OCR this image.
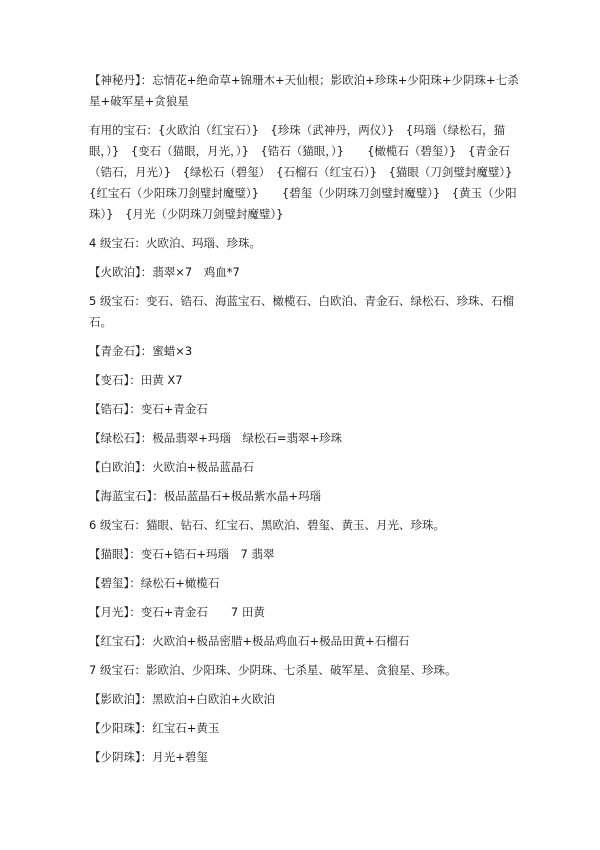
【神秘丹】：忘情花+绝命草+锦珊木+天仙根；影欧泊+珍珠+少阳珠+少阴珠+七杀星+破军星+贪狼星

有用的宝石：{火欧泊（红宝石）}　{珍珠（武神丹，两仪）}　{玛瑙（绿松石，猫眼，）}　{变石（猫眼，月光，）}　{锆石（猫眼，）}　　{橄榄石（碧玺）}　{青金石（锆石，月光）}　{绿松石（碧玺）　{石榴石（红宝石）}　{猫眼（刀剑璧封魔璧）}　{红宝石（少阳珠刀剑璧封魔璧）}　　{碧玺（少阴珠刀剑璧封魔璧）}　{黄玉（少阳珠）}　{月光（少阴珠刀剑璧封魔璧）}

4 级宝石：火欧泊、玛瑙、珍珠。

【火欧泊】：翡翠×7　鸡血*7

5 级宝石：变石、锆石、海蓝宝石、橄榄石、白欧泊、青金石、绿松石、珍珠、石榴石。

【青金石】：蜜蜡×3

【变石】：田黄 X7

【锆石】：变石+青金石

【绿松石】：极品翡翠+玛瑙　绿松石=翡翠+珍珠

【白欧泊】：火欧泊+极品蓝晶石

【海蓝宝石】：极品蓝晶石+极品紫水晶+玛瑙

6 级宝石：猫眼、钻石、红宝石、黑欧泊、碧玺、黄玉、月光、珍珠。

【猫眼】：变石+锆石+玛瑙　7 翡翠

【碧玺】：绿松石+橄榄石

【月光】：变石+青金石　　7 田黄

【红宝石】：火欧泊+极品密腊+极品鸡血石+极品田黄+石榴石

7 级宝石：影欧泊、少阳珠、少阴珠、七杀星、破军星、贪狼星、珍珠。

【影欧泊】：黑欧泊+白欧泊+火欧泊

【少阳珠】：红宝石+黄玉

【少阴珠】：月光+碧玺
